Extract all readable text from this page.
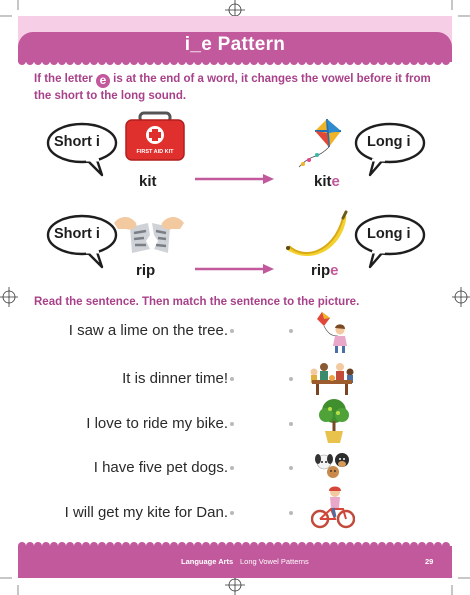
i_e Pattern
If the letter e is at the end of a word, it changes the vowel before it from the short to the long sound.
Short i
FIRST AID KIT
kit
Long i
kite
Short i
rip
Long i
ripe
Read the sentence. Then match the sentence to the picture.
I saw a lime on the tree.
It is dinner time!
I love to ride my bike.
I have five pet dogs.
I will get my kite for Dan.
Language Arts Long Vowel Patterns	29
